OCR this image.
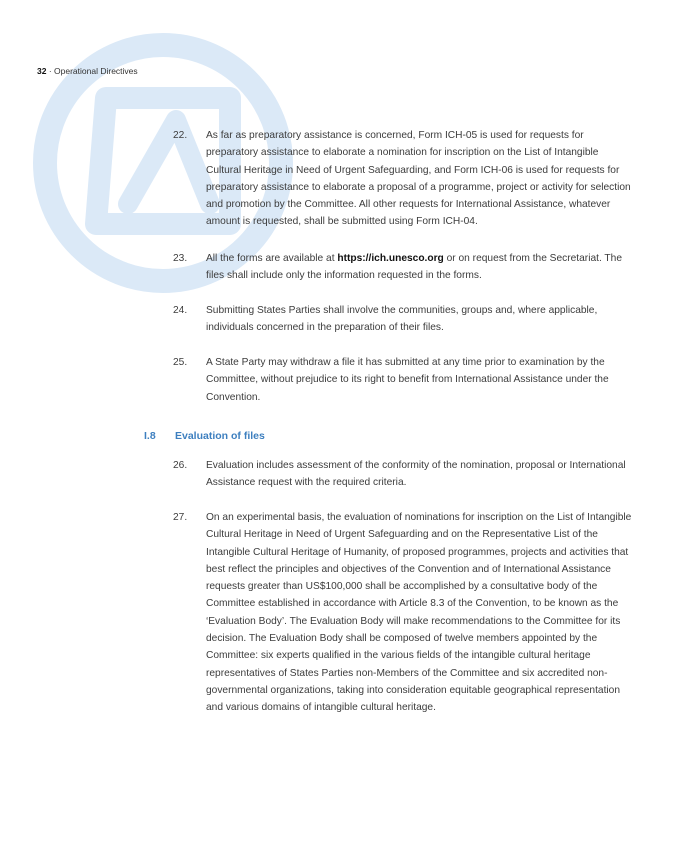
32 · Operational Directives
22.	As far as preparatory assistance is concerned, Form ICH-05 is used for requests for preparatory assistance to elaborate a nomination for inscription on the List of Intangible Cultural Heritage in Need of Urgent Safeguarding, and Form ICH-06 is used for requests for preparatory assistance to elaborate a proposal of a programme, project or activity for selection and promotion by the Committee. All other requests for International Assistance, whatever amount is requested, shall be submitted using Form ICH-04.
23.	All the forms are available at https://ich.unesco.org or on request from the Secretariat. The files shall include only the information requested in the forms.
24.	Submitting States Parties shall involve the communities, groups and, where applicable, individuals concerned in the preparation of their files.
25.	A State Party may withdraw a file it has submitted at any time prior to examination by the Committee, without prejudice to its right to benefit from International Assistance under the Convention.
I.8 Evaluation of files
26.	Evaluation includes assessment of the conformity of the nomination, proposal or International Assistance request with the required criteria.
27.	On an experimental basis, the evaluation of nominations for inscription on the List of Intangible Cultural Heritage in Need of Urgent Safeguarding and on the Representative List of the Intangible Cultural Heritage of Humanity, of proposed programmes, projects and activities that best reflect the principles and objectives of the Convention and of International Assistance requests greater than US$100,000 shall be accomplished by a consultative body of the Committee established in accordance with Article 8.3 of the Convention, to be known as the ‘Evaluation Body’. The Evaluation Body will make recommendations to the Committee for its decision. The Evaluation Body shall be composed of twelve members appointed by the Committee: six experts qualified in the various fields of the intangible cultural heritage representatives of States Parties non-Members of the Committee and six accredited non-governmental organizations, taking into consideration equitable geographical representation and various domains of intangible cultural heritage.
